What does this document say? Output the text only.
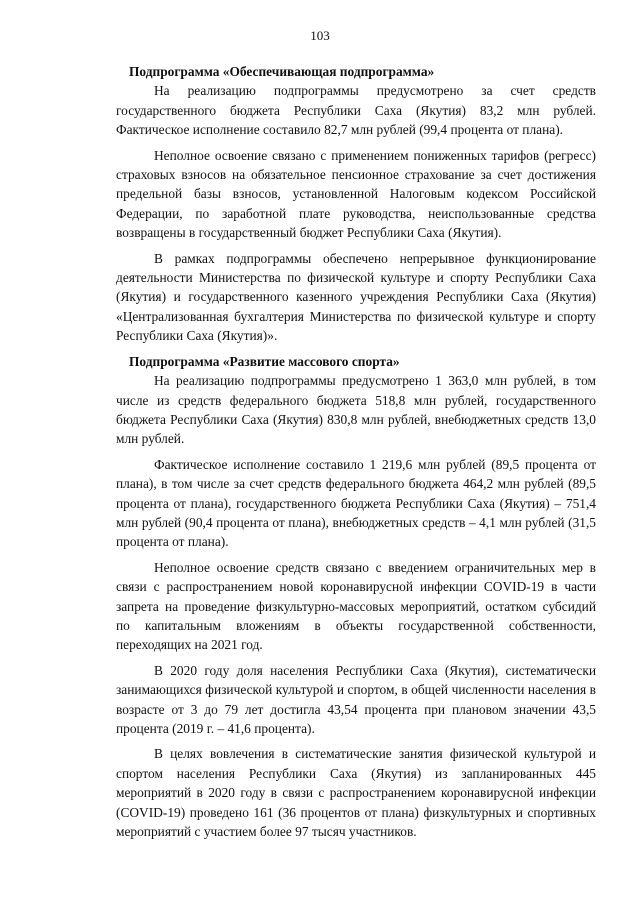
103
Подпрограмма «Обеспечивающая подпрограмма»

На реализацию подпрограммы предусмотрено за счет средств государственного бюджета Республики Саха (Якутия) 83,2 млн рублей. Фактическое исполнение составило 82,7 млн рублей (99,4 процента от плана).

Неполное освоение связано с применением пониженных тарифов (регресс) страховых взносов на обязательное пенсионное страхование за счет достижения предельной базы взносов, установленной Налоговым кодексом Российской Федерации, по заработной плате руководства, неиспользованные средства возвращены в государственный бюджет Республики Саха (Якутия).

В рамках подпрограммы обеспечено непрерывное функционирование деятельности Министерства по физической культуре и спорту Республики Саха (Якутия) и государственного казенного учреждения Республики Саха (Якутия) «Централизованная бухгалтерия Министерства по физической культуре и спорту Республики Саха (Якутия)».

Подпрограмма «Развитие массового спорта»

На реализацию подпрограммы предусмотрено 1 363,0 млн рублей, в том числе из средств федерального бюджета 518,8 млн рублей, государственного бюджета Республики Саха (Якутия) 830,8 млн рублей, внебюджетных средств 13,0 млн рублей.

Фактическое исполнение составило 1 219,6 млн рублей (89,5 процента от плана), в том числе за счет средств федерального бюджета 464,2 млн рублей (89,5 процента от плана), государственного бюджета Республики Саха (Якутия) – 751,4 млн рублей (90,4 процента от плана), внебюджетных средств – 4,1 млн рублей (31,5 процента от плана).

Неполное освоение средств связано с введением ограничительных мер в связи с распространением новой коронавирусной инфекции COVID-19 в части запрета на проведение физкультурно-массовых мероприятий, остатком субсидий по капитальным вложениям в объекты государственной собственности, переходящих на 2021 год.

В 2020 году доля населения Республики Саха (Якутия), систематически занимающихся физической культурой и спортом, в общей численности населения в возрасте от 3 до 79 лет достигла 43,54 процента при плановом значении 43,5 процента (2019 г. – 41,6 процента).

В целях вовлечения в систематические занятия физической культурой и спортом населения Республики Саха (Якутия) из запланированных 445 мероприятий в 2020 году в связи с распространением коронавирусной инфекции (COVID-19) проведено 161 (36 процентов от плана) физкультурных и спортивных мероприятий с участием более 97 тысяч участников.
